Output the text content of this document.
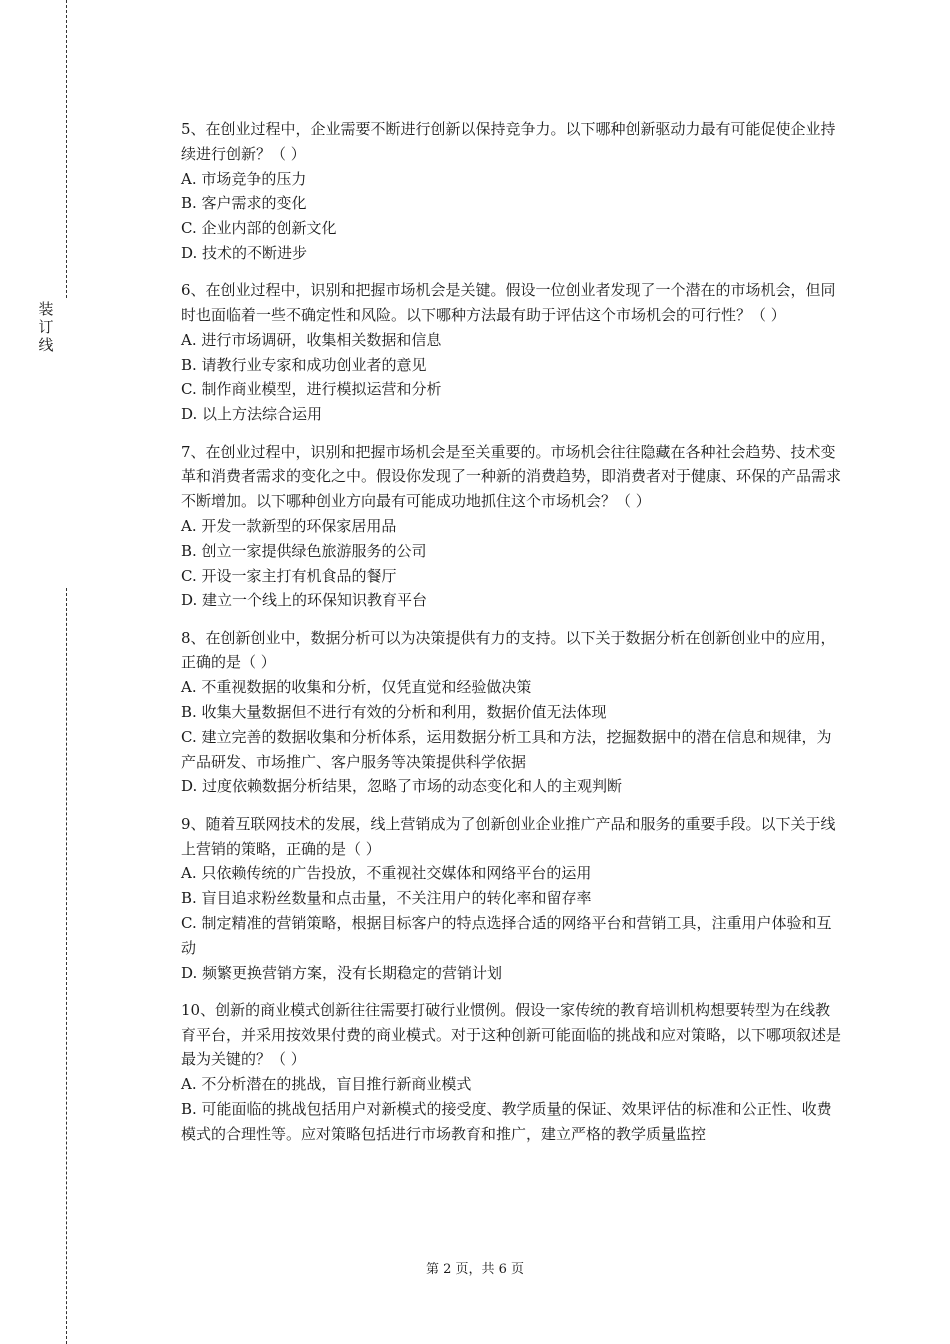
装订线

5、在创业过程中，企业需要不断进行创新以保持竞争力。以下哪种创新驱动力最有可能促使企业持续进行创新？（ ）

A. 市场竞争的压力

B. 客户需求的变化

C. 企业内部的创新文化

D. 技术的不断进步

6、在创业过程中，识别和把握市场机会是关键。假设一位创业者发现了一个潜在的市场机会，但同时也面临着一些不确定性和风险。以下哪种方法最有助于评估这个市场机会的可行性？（ ）

A. 进行市场调研，收集相关数据和信息

B. 请教行业专家和成功创业者的意见

C. 制作商业模型，进行模拟运营和分析

D. 以上方法综合运用

7、在创业过程中，识别和把握市场机会是至关重要的。市场机会往往隐藏在各种社会趋势、技术变革和消费者需求的变化之中。假设你发现了一种新的消费趋势，即消费者对于健康、环保的产品需求不断增加。以下哪种创业方向最有可能成功地抓住这个市场机会？（ ）

A. 开发一款新型的环保家居用品

B. 创立一家提供绿色旅游服务的公司

C. 开设一家主打有机食品的餐厅

D. 建立一个线上的环保知识教育平台

8、在创新创业中，数据分析可以为决策提供有力的支持。以下关于数据分析在创新创业中的应用，正确的是（ ）

A. 不重视数据的收集和分析，仅凭直觉和经验做决策

B. 收集大量数据但不进行有效的分析和利用，数据价值无法体现

C. 建立完善的数据收集和分析体系，运用数据分析工具和方法，挖掘数据中的潜在信息和规律，为产品研发、市场推广、客户服务等决策提供科学依据

D. 过度依赖数据分析结果，忽略了市场的动态变化和人的主观判断

9、随着互联网技术的发展，线上营销成为了创新创业企业推广产品和服务的重要手段。以下关于线上营销的策略，正确的是（ ）

A. 只依赖传统的广告投放，不重视社交媒体和网络平台的运用

B. 盲目追求粉丝数量和点击量，不关注用户的转化率和留存率

C. 制定精准的营销策略，根据目标客户的特点选择合适的网络平台和营销工具，注重用户体验和互动

D. 频繁更换营销方案，没有长期稳定的营销计划

10、创新的商业模式创新往往需要打破行业惯例。假设一家传统的教育培训机构想要转型为在线教育平台，并采用按效果付费的商业模式。对于这种创新可能面临的挑战和应对策略，以下哪项叙述是最为关键的？（ ）

A. 不分析潜在的挑战，盲目推行新商业模式

B. 可能面临的挑战包括用户对新模式的接受度、教学质量的保证、效果评估的标准和公正性、收费模式的合理性等。应对策略包括进行市场教育和推广，建立严格的教学质量监控

第 2 页，共 6 页
